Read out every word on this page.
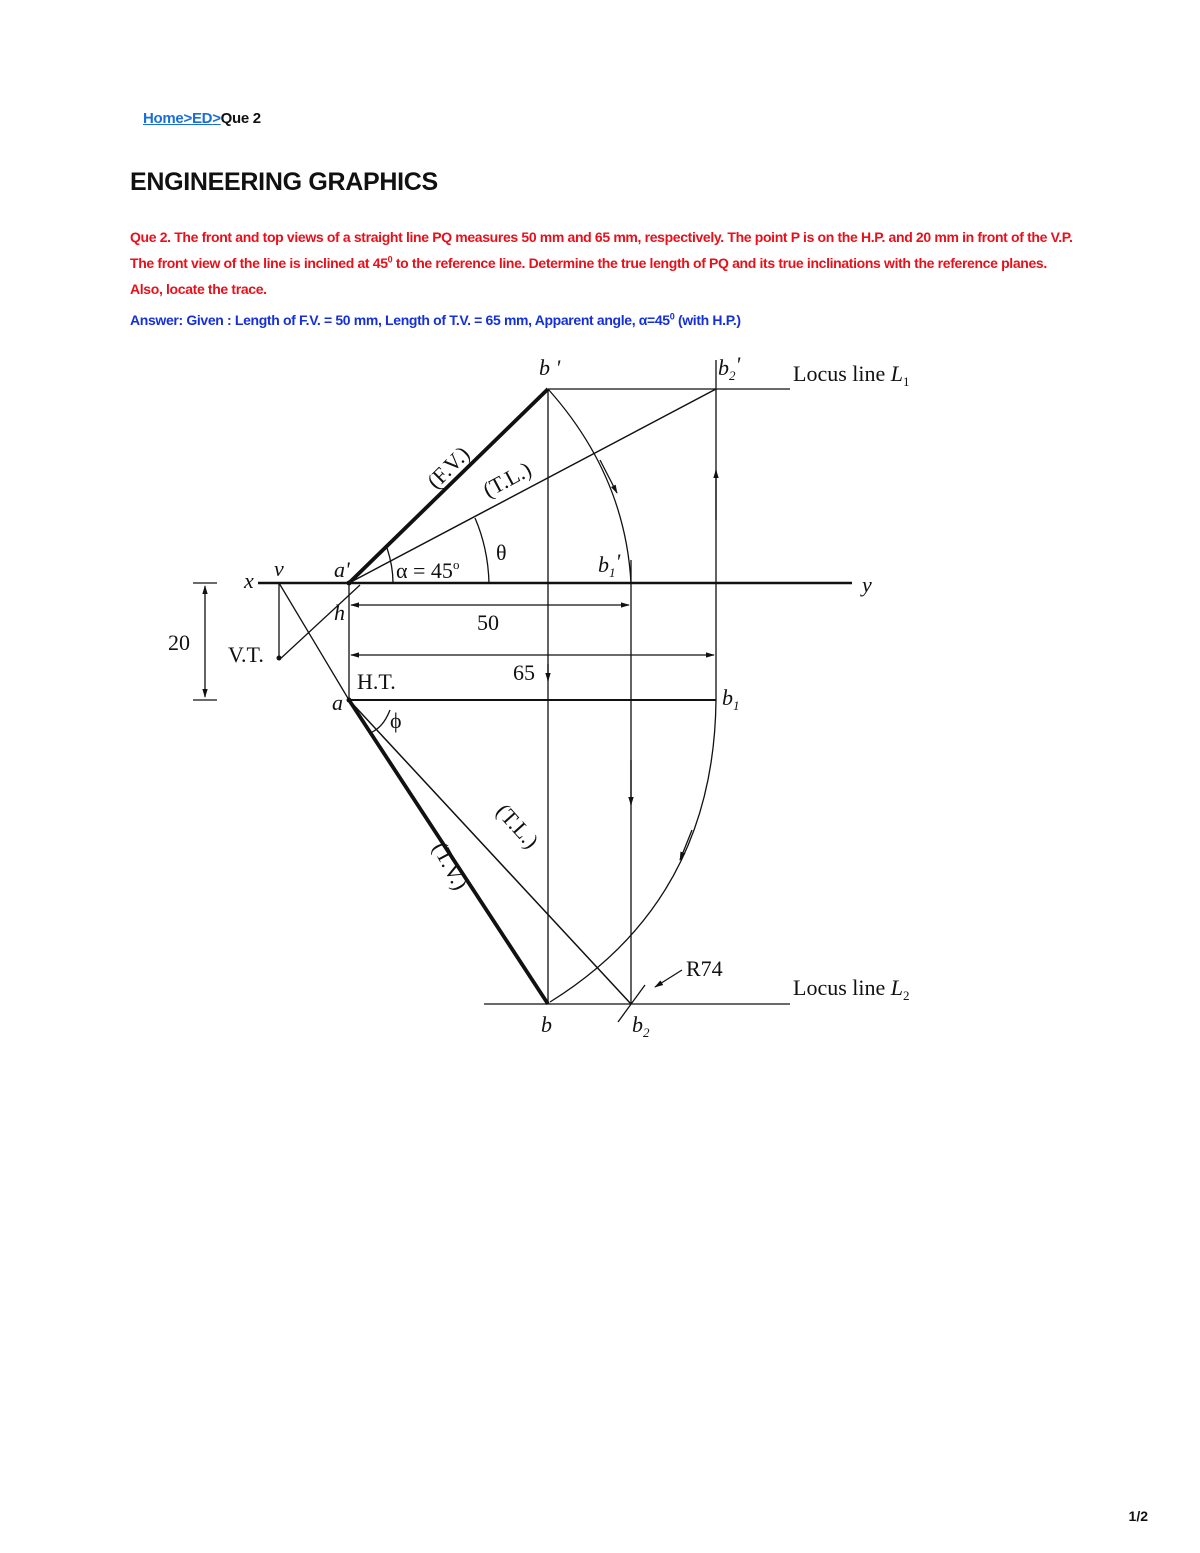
Home>ED>Que 2
ENGINEERING GRAPHICS

Que 2. The front and top views of a straight line PQ measures 50 mm and 65 mm, respectively. The point P is on the H.P. and 20 mm in front of the V.P. The front view of the line is inclined at $45^0$ to the reference line. Determine the true length of PQ and its true inclinations with the reference planes. Also, locate the trace.

Answer: Given : Length of F.V. = 50 mm, Length of T.V. = 65 mm, Apparent angle, $\alpha=45^0$ (with H.P.)

b '	$b_2'$ Locus line $L_1$
(F.V.) (T.L.)
θ
$\alpha = 45^o$
x v a'	$b_1'$
y
h	50
20 V.T.
65
H.T.
a
ϕ
$b_1$
(T.L.)
(T.V.)
R74
Locus line $L_2$
b	$b_2$
1/2
